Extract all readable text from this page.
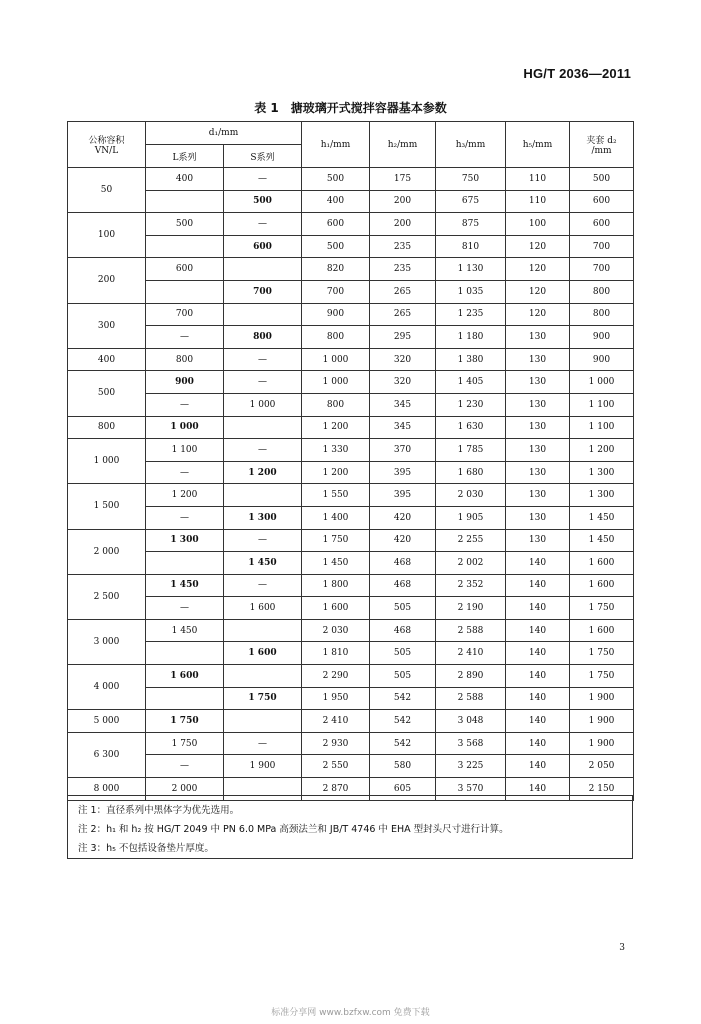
HG/T 2036—2011
表 1　搪玻璃开式搅拌容器基本参数
公称容积
VN/L	d₁/mm		h₁/mm	h₂/mm	h₃/mm	h₅/mm	夹套 d₂
/mm
	L系列	S系列					
50	400	—	500	175	750	110	500
		500	400	200	675	110	600
100	500	—	600	200	875	100	600
		600	500	235	810	120	700
200	600		820	235	1 130	120	700
		700	700	265	1 035	120	800
300	700		900	265	1 235	120	800
	—	800	800	295	1 180	130	900
400	800	—	1 000	320	1 380	130	900
500	900	—	1 000	320	1 405	130	1 000
	—	1 000	800	345	1 230	130	1 100
800	1 000		1 200	345	1 630	130	1 100
1 000	1 100	—	1 330	370	1 785	130	1 200
	—	1 200	1 200	395	1 680	130	1 300
1 500	1 200		1 550	395	2 030	130	1 300
	—	1 300	1 400	420	1 905	130	1 450
2 000	1 300	—	1 750	420	2 255	130	1 450
		1 450	1 450	468	2 002	140	1 600
2 500	1 450	—	1 800	468	2 352	140	1 600
	—	1 600	1 600	505	2 190	140	1 750
3 000	1 450		2 030	468	2 588	140	1 600
		1 600	1 810	505	2 410	140	1 750
4 000	1 600		2 290	505	2 890	140	1 750
		1 750	1 950	542	2 588	140	1 900
5 000	1 750		2 410	542	3 048	140	1 900
6 300	1 750	—	2 930	542	3 568	140	1 900
	—	1 900	2 550	580	3 225	140	2 050
8 000	2 000		2 870	605	3 570	140	2 150
注 1：直径系列中黑体字为优先选用。
注 2：h₁ 和 h₂ 按 HG/T 2049 中 PN 6.0 MPa 高颈法兰和 JB/T 4746 中 EHA 型封头尺寸进行计算。
注 3：h₅ 不包括设备垫片厚度。
3
标准分享网 www.bzfxw.com 免费下载
